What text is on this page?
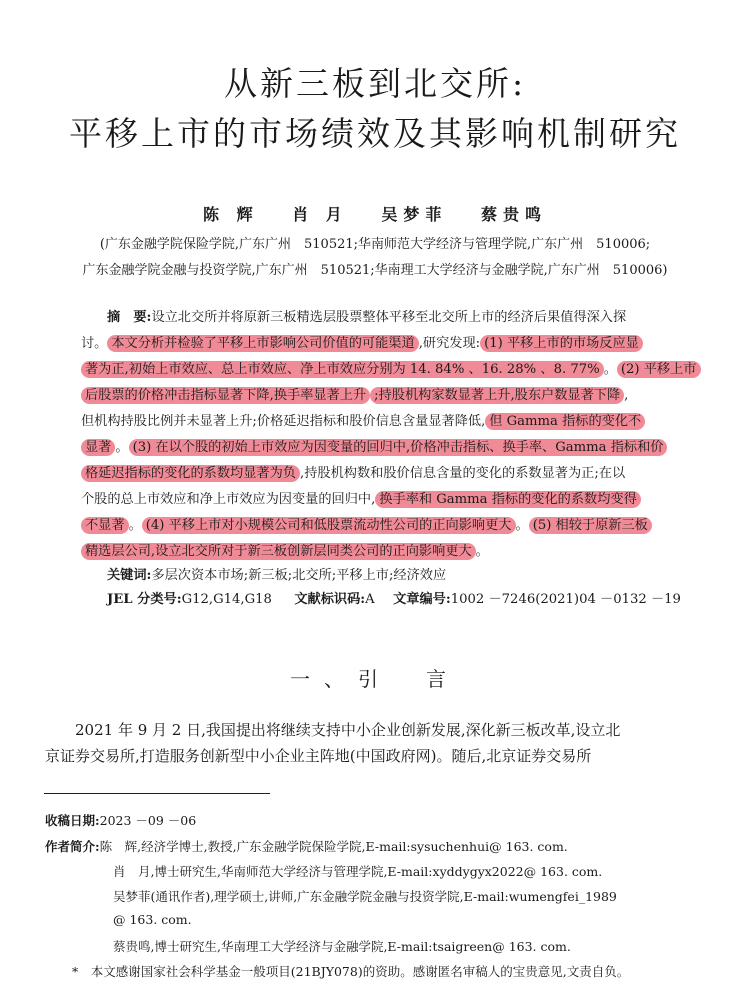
从新三板到北交所:
平移上市的市场绩效及其影响机制研究
陈 辉 肖 月 吴梦菲 蔡贵鸣
(广东金融学院保险学院,广东广州　510521;华南师范大学经济与管理学院,广东广州　510006;
广东金融学院金融与投资学院,广东广州　510521;华南理工大学经济与金融学院,广东广州　510006)
摘　要:设立北交所并将原新三板精选层股票整体平移至北交所上市的经济后果值得深入探
讨。 本文分析并检验了平移上市影响公司价值的可能渠道 ,研究发现: (1) 平移上市的市场反应显
著为正,初始上市效应、总上市效应、净上市效应分别为 14. 84% 、16. 28% 、8. 77% 。 (2) 平移上市
后股票的价格冲击指标显著下降,换手率显著上升 ;持股机构家数显著上升,股东户数显著下降 ,
但机构持股比例并未显著上升;价格延迟指标和股价信息含量显著降低, 但 Gamma 指标的变化不
显著 。 (3) 在以个股的初始上市效应为因变量的回归中,价格冲击指标、换手率、Gamma 指标和价
格延迟指标的变化的系数均显著为负 ,持股机构数和股价信息含量的变化的系数显著为正;在以
个股的总上市效应和净上市效应为因变量的回归中, 换手率和 Gamma 指标的变化的系数均变得
不显著 。 (4) 平移上市对小规模公司和低股票流动性公司的正向影响更大 。 (5) 相较于原新三板
精选层公司,设立北交所对于新三板创新层同类公司的正向影响更大 。
关键词:多层次资本市场;新三板;北交所;平移上市;经济效应
JEL 分类号:G12,G14,G18 文献标识码:A 文章编号:1002 －7246(2021)04 －0132 －19
一、引　言
2021 年 9 月 2 日,我国提出将继续支持中小企业创新发展,深化新三板改革,设立北
京证券交易所,打造服务创新型中小企业主阵地(中国政府网)。随后,北京证券交易所
收稿日期:2023 －09 －06
作者简介:陈　辉,经济学博士,教授,广东金融学院保险学院,E-mail:sysuchenhui@ 163. com.
肖　月,博士研究生,华南师范大学经济与管理学院,E-mail:xyddygyx2022@ 163. com.
吴梦菲(通讯作者),理学硕士,讲师,广东金融学院金融与投资学院,E-mail:wumengfei_1989
@ 163. com.
蔡贵鸣,博士研究生,华南理工大学经济与金融学院,E-mail:tsaigreen@ 163. com.
*　本文感谢国家社会科学基金一般项目(21BJY078)的资助。感谢匿名审稿人的宝贵意见,文责自负。
